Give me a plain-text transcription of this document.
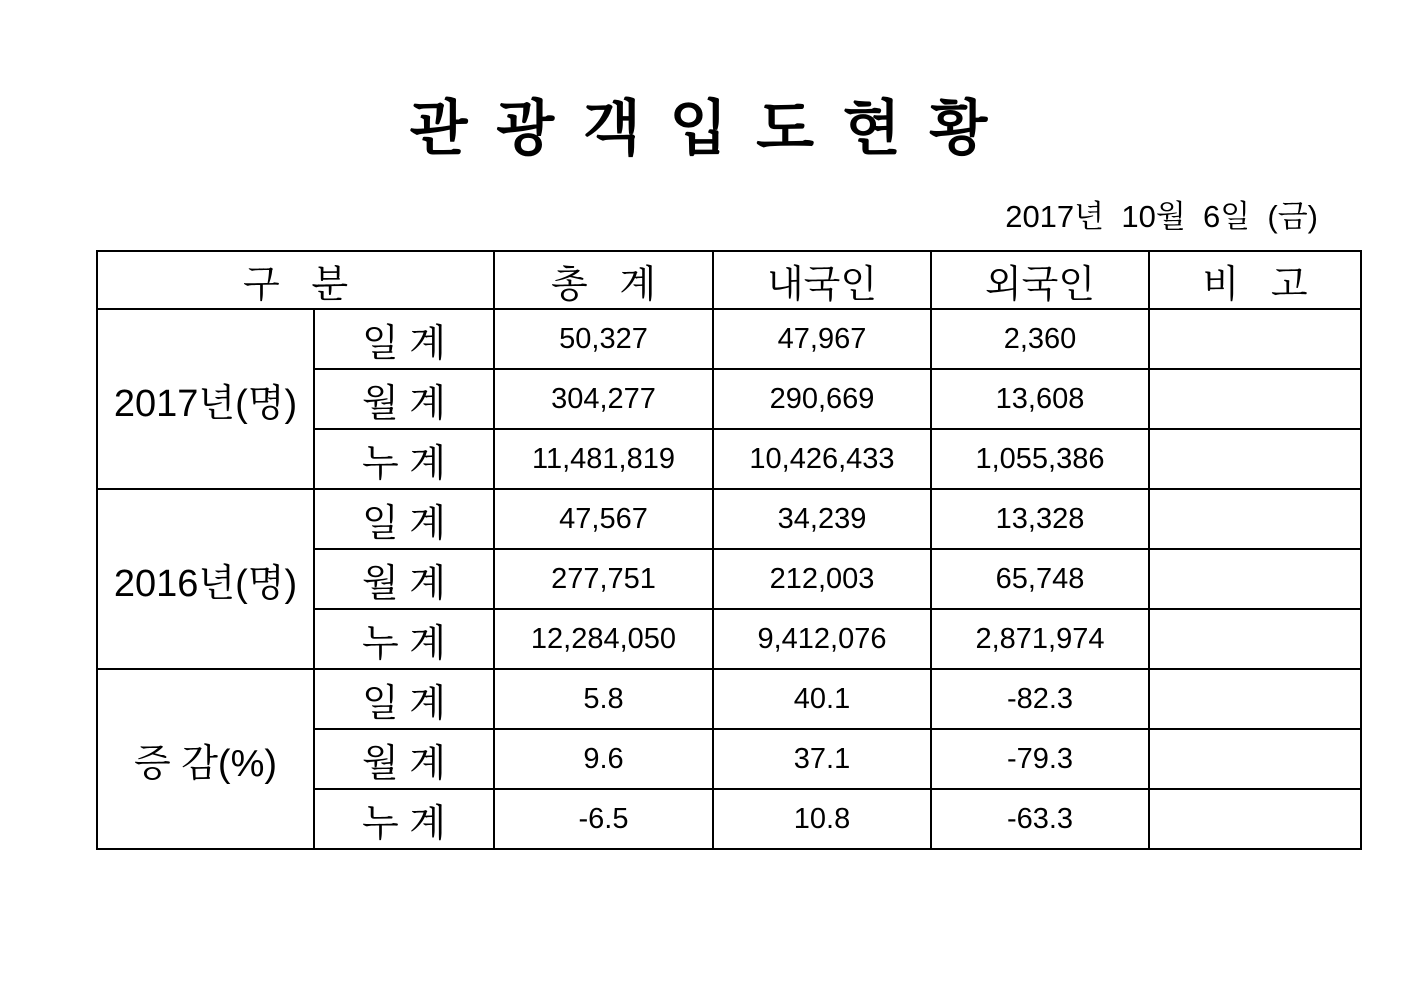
관 광 객 입 도 현 황
2017년  10월  6일  (금)
구   분		총   계	내국인	외국인	비   고
2017년(명)	일 계	50,327	47,967	2,360	
	월 계	304,277	290,669	13,608	
	누 계	11,481,819	10,426,433	1,055,386	
2016년(명)	일 계	47,567	34,239	13,328	
	월 계	277,751	212,003	65,748	
	누 계	12,284,050	9,412,076	2,871,974	
증 감(%)	일 계	5.8	40.1	-82.3	
	월 계	9.6	37.1	-79.3	
	누 계	-6.5	10.8	-63.3	
